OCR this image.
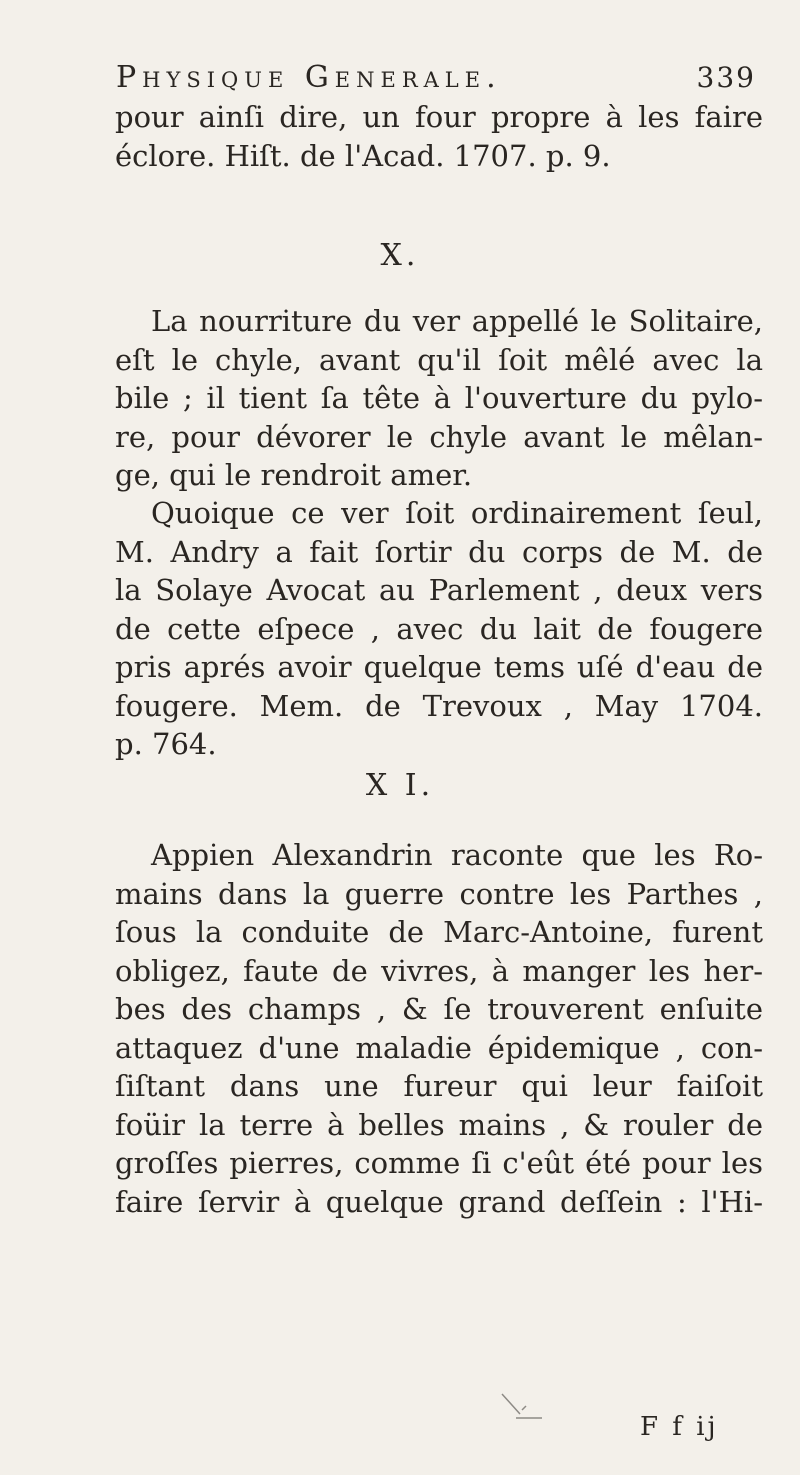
Physique Generale.	339
pour ainſi dire, un four propre à les faire
éclore. Hiſt. de l'Acad. 1707. p. 9.
X.
La nourriture du ver appellé le Solitaire,
eſt le chyle, avant qu'il ſoit mêlé avec la
bile ; il tient ſa tête à l'ouverture du pylo-
re, pour dévorer le chyle avant le mêlan-
ge, qui le rendroit amer.
Quoique ce ver ſoit ordinairement ſeul,
M. Andry a fait ſortir du corps de M. de
la Solaye Avocat au Parlement , deux vers
de cette eſpece , avec du lait de fougere
pris aprés avoir quelque tems uſé d'eau de
fougere. Mem. de Trevoux , May 1704.
p. 764.
X I.
Appien Alexandrin raconte que les Ro-
mains dans la guerre contre les Parthes ,
ſous la conduite de Marc-Antoine, furent
obligez, faute de vivres, à manger les her-
bes des champs , & ſe trouverent enſuite
attaquez d'une maladie épidemique , con-
ſiſtant dans une fureur qui leur faiſoit
foüir la terre à belles mains , & rouler de
groſſes pierres, comme ſi c'eût été pour les
faire ſervir à quelque grand deſſein : l'Hi-
F f ij
